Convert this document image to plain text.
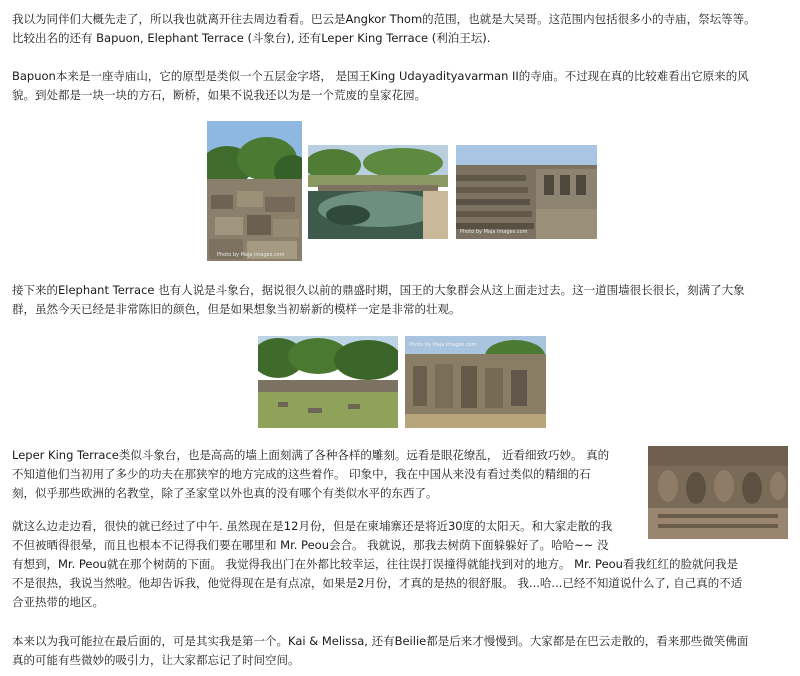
我以为同伴们大概先走了，所以我也就离开往去周边看看。巴云是Angkor Thom的范围，也就是大吴哥。这范围内包括很多小的寺庙，祭坛等等。
比较出名的还有 Bapuon, Elephant Terrace (斗象台), 还有Leper King Terrace (利泊王坛).
Bapuon本来是一座寺庙山，它的原型是类似一个五层金字塔， 是国王King Udayadityavarman II的寺庙。不过现在真的比较难看出它原来的风
貌。到处都是一块一块的方石，断桥，如果不说我还以为是一个荒废的皇家花园。
Photo by Maja images.com
Photo by Maja images.com
接下来的Elephant Terrace 也有人说是斗象台，据说很久以前的鼎盛时期，国王的大象群会从这上面走过去。这一道围墙很长很长，刻满了大象
群，虽然今天已经是非常陈旧的颜色，但是如果想象当初崭新的模样一定是非常的壮观。
Photo by Maja images.com
Leper King Terrace类似斗象台，也是高高的墙上面刻满了各种各样的雕刻。远看是眼花缭乱， 近看细致巧妙。 真的
不知道他们当初用了多少的功夫在那狭窄的地方完成的这些着作。 印象中，我在中国从来没有看过类似的精细的石
刻，似乎那些欧洲的名教堂，除了圣家堂以外也真的没有哪个有类似水平的东西了。
就这么边走边看，很快的就已经过了中午. 虽然现在是12月份，但是在柬埔寨还是将近30度的太阳天。和大家走散的我
不但被晒得很晕，而且也根本不记得我们要在哪里和 Mr. Peou会合。 我就说，那我去树荫下面躲躲好了。哈哈~~ 没
有想到，Mr. Peou就在那个树荫的下面。 我觉得我出门在外都比较幸运，往往误打误撞得就能找到对的地方。 Mr. Peou看我红红的脸就问我是
不是很热，我说当然啦。他却告诉我，他觉得现在是有点凉，如果是2月份，才真的是热的很舒服。 我...哈...已经不知道说什么了, 自己真的不适
合亚热带的地区。
本来以为我可能拉在最后面的，可是其实我是第一个。Kai & Melissa, 还有Beilie都是后来才慢慢到。大家都是在巴云走散的，看来那些微笑佛面
真的可能有些微妙的吸引力，让大家都忘记了时间空间。
